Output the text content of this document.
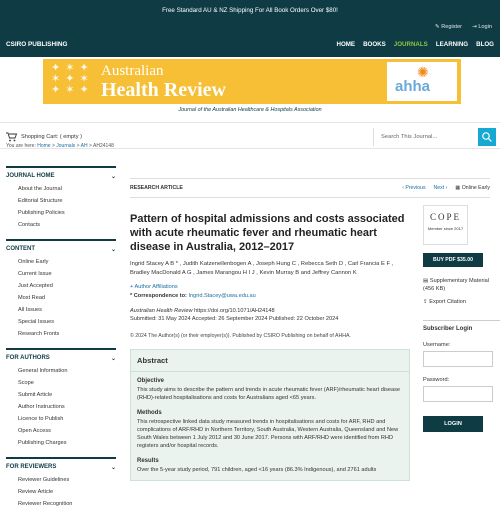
Free Standard AU & NZ Shipping For All Book Orders Over $80!
✎ Register ⇥ Login
CSIRO PUBLISHING	HOME BOOKS JOURNALS LEARNING BLOG
✦ ✶ ✦
✶ ✦ ✶
✦ ✶ ✦
Australian
Health Review
✺
ahha
Journal of the Australian Healthcare & Hospitals Association
Shopping Cart: ( empty )	Search This Journal...
You are here: Home > Journals > AH > AH24148
JOURNAL HOME	⌄
About the Journal
Editorial Structure
Publishing Policies
Contacts
CONTENT	⌄
Online Early
Current Issue
Just Accepted
Most Read
All Issues
Special Issues
Research Fronts
FOR AUTHORS	⌄
General Information
Scope
Submit Article
Author Instructions
Licence to Publish
Open Access
Publishing Charges
FOR REVIEWERS	⌄
Reviewer Guidelines
Review Article
Reviewer Recognition
RESEARCH ARTICLE	‹ Previous Next › ▦ Online Early
Pattern of hospital admissions and costs associated with acute rheumatic fever and rheumatic heart disease in Australia, 2012–2017
Ingrid Stacey A B * , Judith Katzenellenbogen A , Joseph Hung C , Rebecca Seth D , Carl Francia E F , Bradley MacDonald A G , James Marangou H I J , Kevin Murray B and Jeffrey Cannon K
+ Author Affiliations
* Correspondence to: Ingrid.Stacey@uwa.edu.au
Australian Health Review https://doi.org/10.1071/AH24148
Submitted: 31 May 2024 Accepted: 26 September 2024 Published: 22 October 2024
© 2024 The Author(s) (or their employer(s)). Published by CSIRO Publishing on behalf of AHHA.
Abstract
Objective
This study aims to describe the pattern and trends in acute rheumatic fever (ARF)/rheumatic heart disease (RHD)-related hospitalisations and costs for Australians aged <65 years.
Methods
This retrospective linked data study measured trends in hospitalisations and costs for ARF, RHD and complications of ARF/RHD in Northern Territory, South Australia, Western Australia, Queensland and New South Wales between 1 July 2012 and 30 June 2017. Persons with ARF/RHD were identified from RHD registers and/or hospital records.
Results
Over the 5-year study period, 791 children, aged <16 years (86.3% Indigenous), and 2761 adults
COPE
Member since 2017
BUY PDF $35.00
▤ Supplementary Material (456 KB)
⇪ Export Citation
Subscriber Login
Username:
Password:
LOGIN
